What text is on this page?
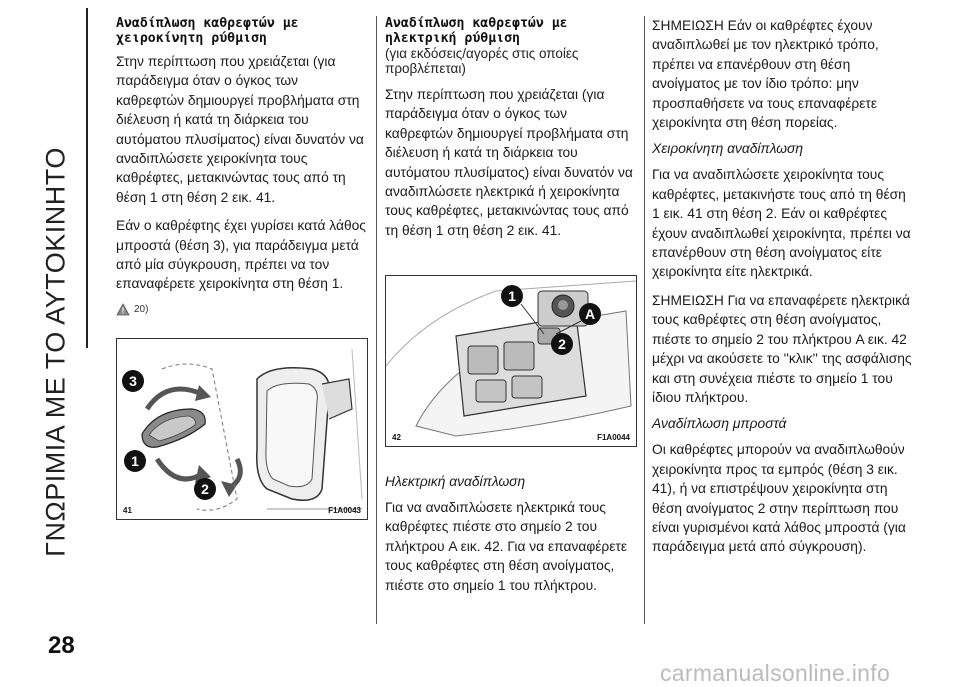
ΓΝΩΡΙΜΙΑ ΜΕ ΤΟ ΑΥΤΟΚΙΝΗΤΟ
28
Αναδίπλωση καθρεφτών με χειροκίνητη ρύθμιση

Στην περίπτωση που χρειάζεται (για παράδειγμα όταν ο όγκος των καθρεφτών δημιουργεί προβλήματα στη διέλευση ή κατά τη διάρκεια του αυτόματου πλυσίματος) είναι δυνατόν να αναδιπλώσετε χειροκίνητα τους καθρέφτες, μετακινώντας τους από τη θέση 1 στη θέση 2 εικ. 41.

Εάν ο καθρέφτης έχει γυρίσει κατά λάθος μπροστά (θέση 3), για παράδειγμα μετά από μία σύγκρουση, πρέπει να τον επαναφέρετε χειροκίνητα στη θέση 1.

20)
3
1
2
41	F1A0043
Αναδίπλωση καθρεφτών με ηλεκτρική ρύθμιση
(για εκδόσεις/αγορές στις οποίες προβλέπεται)

Στην περίπτωση που χρειάζεται (για παράδειγμα όταν ο όγκος των καθρεφτών δημιουργεί προβλήματα στη διέλευση ή κατά τη διάρκεια του αυτόματου πλυσίματος) είναι δυνατόν να αναδιπλώσετε ηλεκτρικά ή χειροκίνητα τους καθρέφτες, μετακινώντας τους από τη θέση 1 στη θέση 2 εικ. 41.

1
A
2
42	F1A0044
Ηλεκτρική αναδίπλωση

Για να αναδιπλώσετε ηλεκτρικά τους καθρέφτες πιέστε στο σημείο 2 του πλήκτρου A εικ. 42. Για να επαναφέρετε τους καθρέφτες στη θέση ανοίγματος, πιέστε στο σημείο 1 του πλήκτρου.

ΣΗΜΕΙΩΣΗ Εάν οι καθρέφτες έχουν αναδιπλωθεί με τον ηλεκτρικό τρόπο, πρέπει να επανέρθουν στη θέση ανοίγματος με τον ίδιο τρόπο: μην προσπαθήσετε να τους επαναφέρετε χειροκίνητα στη θέση πορείας.

Χειροκίνητη αναδίπλωση

Για να αναδιπλώσετε χειροκίνητα τους καθρέφτες, μετακινήστε τους από τη θέση 1 εικ. 41 στη θέση 2. Εάν οι καθρέφτες έχουν αναδιπλωθεί χειροκίνητα, πρέπει να επανέρθουν στη θέση ανοίγματος είτε χειροκίνητα είτε ηλεκτρικά.

ΣΗΜΕΙΩΣΗ Για να επαναφέρετε ηλεκτρικά τους καθρέφτες στη θέση ανοίγματος, πιέστε το σημείο 2 του πλήκτρου A εικ. 42 μέχρι να ακούσετε το ''κλικ'' της ασφάλισης και στη συνέχεια πιέστε το σημείο 1 του ίδιου πλήκτρου.

Αναδίπλωση μπροστά

Οι καθρέφτες μπορούν να αναδιπλωθούν χειροκίνητα προς τα εμπρός (θέση 3 εικ. 41), ή να επιστρέψουν χειροκίνητα στη θέση ανοίγματος 2 στην περίπτωση που είναι γυρισμένοι κατά λάθος μπροστά (για παράδειγμα μετά από σύγκρουση).

carmanualsonline.info
